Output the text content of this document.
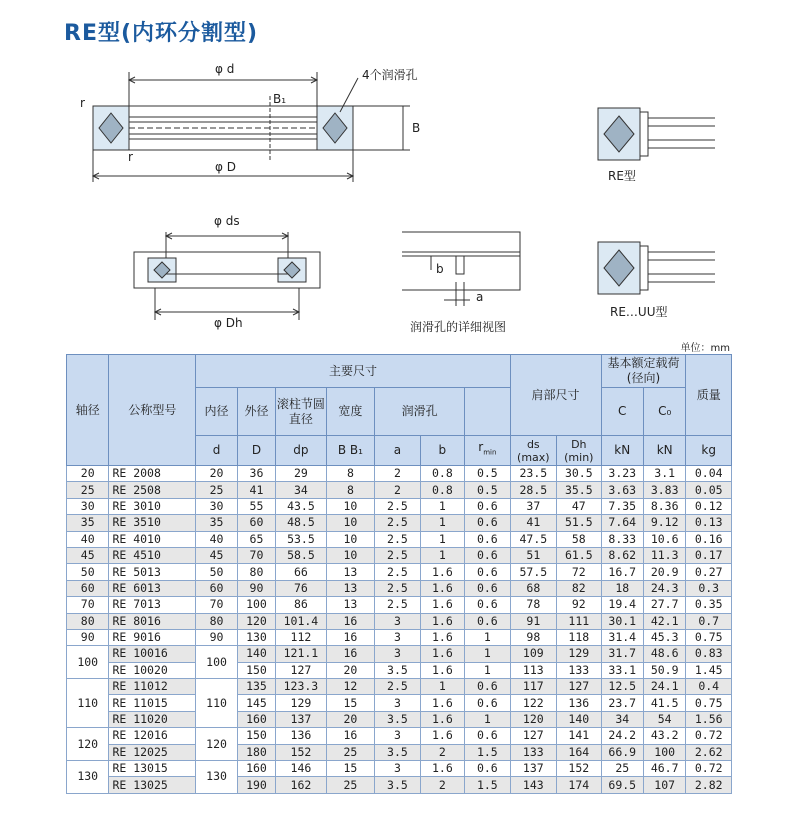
RE型(内环分割型)
φ d	4个润滑孔
B₁
B
r
r
φ D
φ ds
φ Dh
b
a
润滑孔的详细视图
RE型
RE…UU型
单位：mm
轴径	公称型号	主要尺寸							肩部尺寸		基本额定载荷(径向)		质量
		内径	外径	滚柱节圆直径	宽度	润滑孔					C	C₀	
		d	D	dp	B B₁	a	b	$r_{min}$	ds (max)	Dh (min)	kN	kN	kg
20	RE 2008	20	36	29	8	2	0.8	0.5	23.5	30.5	3.23	3.1	0.04
25	RE 2508	25	41	34	8	2	0.8	0.5	28.5	35.5	3.63	3.83	0.05
30	RE 3010	30	55	43.5	10	2.5	1	0.6	37	47	7.35	8.36	0.12
35	RE 3510	35	60	48.5	10	2.5	1	0.6	41	51.5	7.64	9.12	0.13
40	RE 4010	40	65	53.5	10	2.5	1	0.6	47.5	58	8.33	10.6	0.16
45	RE 4510	45	70	58.5	10	2.5	1	0.6	51	61.5	8.62	11.3	0.17
50	RE 5013	50	80	66	13	2.5	1.6	0.6	57.5	72	16.7	20.9	0.27
60	RE 6013	60	90	76	13	2.5	1.6	0.6	68	82	18	24.3	0.3
70	RE 7013	70	100	86	13	2.5	1.6	0.6	78	92	19.4	27.7	0.35
80	RE 8016	80	120	101.4	16	3	1.6	0.6	91	111	30.1	42.1	0.7
90	RE 9016	90	130	112	16	3	1.6	1	98	118	31.4	45.3	0.75
100	RE 10016	100	140	121.1	16	3	1.6	1	109	129	31.7	48.6	0.83
	RE 10020		150	127	20	3.5	1.6	1	113	133	33.1	50.9	1.45
110	RE 11012	110	135	123.3	12	2.5	1	0.6	117	127	12.5	24.1	0.4
	RE 11015		145	129	15	3	1.6	0.6	122	136	23.7	41.5	0.75
	RE 11020		160	137	20	3.5	1.6	1	120	140	34	54	1.56
120	RE 12016	120	150	136	16	3	1.6	0.6	127	141	24.2	43.2	0.72
	RE 12025		180	152	25	3.5	2	1.5	133	164	66.9	100	2.62
130	RE 13015	130	160	146	15	3	1.6	0.6	137	152	25	46.7	0.72
	RE 13025		190	162	25	3.5	2	1.5	143	174	69.5	107	2.82
